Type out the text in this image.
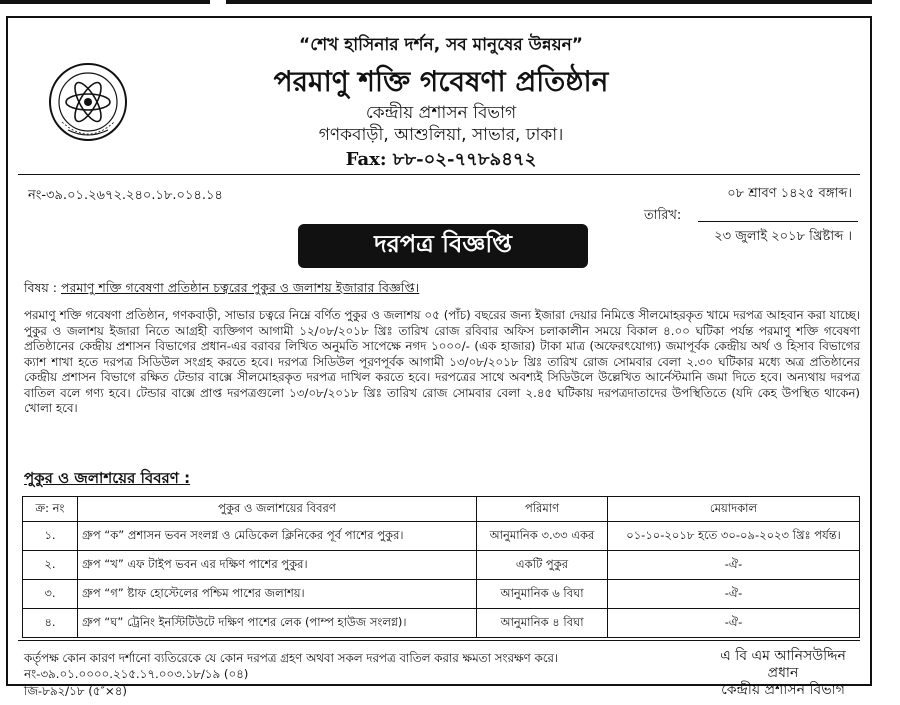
“শেখ হাসিনার দর্শন, সব মানুষের উন্নয়ন”
পরমাণু শক্তি গবেষণা প্রতিষ্ঠান
কেন্দ্রীয় প্রশাসন বিভাগ
গণকবাড়ী, আশুলিয়া, সাভার, ঢাকা।
Fax: ৮৮-০২-৭৭৮৯৪৭২
নং-৩৯.০১.২৬৭২.২৪০.১৮.০১৪.১৪	০৮ শ্রাবণ ১৪২৫ বঙ্গাব্দ।
তারিখ:
২৩ জুলাই ২০১৮ খ্রিষ্টাব্দ ।
দরপত্র বিজ্ঞপ্তি
বিষয় : পরমাণু শক্তি গবেষণা প্রতিষ্ঠান চত্বরের পুকুর ও জলাশয় ইজারার বিজ্ঞপ্তি।
পরমাণু শক্তি গবেষণা প্রতিষ্ঠান, গণকবাড়ী, সাভার চত্বরে নিম্নে বর্ণিত পুকুর ও জলাশয় ০৫ (পাঁচ) বছরের জন্য ইজারা দেয়ার নিমিত্তে সীলমোহরকৃত খামে দরপত্র আহবান করা যাচ্ছে। পুকুর ও জলাশয় ইজারা নিতে আগ্রহী ব্যক্তিগণ আগামী ১২/০৮/২০১৮ খ্রিঃ তারিখ রোজ রবিবার অফিস চলাকালীন সময়ে বিকাল ৪.০০ ঘটিকা পর্যন্ত পরমাণু শক্তি গবেষণা প্রতিষ্ঠানের কেন্দ্রীয় প্রশাসন বিভাগের প্রধান-এর বরাবর লিখিত অনুমতি সাপেক্ষে নগদ ১০০০/- (এক হাজার) টাকা মাত্র (অফেরৎযোগ্য) জমাপূর্বক কেন্দ্রীয় অর্থ ও হিসাব বিভাগের ক্যাশ শাখা হতে দরপত্র সিডিউল সংগ্রহ করতে হবে। দরপত্র সিডিউল পূরণপূর্বক আগামী ১৩/০৮/২০১৮ খ্রিঃ তারিখ রোজ সোমবার বেলা ২.৩০ ঘটিকার মধ্যে অত্র প্রতিষ্ঠানের কেন্দ্রীয় প্রশাসন বিভাগে রক্ষিত টেন্ডার বাক্সে সীলমোহরকৃত দরপত্র দাখিল করতে হবে। দরপত্রের সাথে অবশ্যই সিডিউলে উল্লেখিত আর্নেস্টমানি জমা দিতে হবে। অন্যথায় দরপত্র বাতিল বলে গণ্য হবে। টেন্ডার বাক্সে প্রাপ্ত দরপত্রগুলো ১৩/০৮/২০১৮ খ্রিঃ তারিখ রোজ সোমবার বেলা ২.৪৫ ঘটিকায় দরপত্রদাতাদের উপস্থিতিতে (যদি কেহ উপস্থিত থাকেন) খোলা হবে।
পুকুর ও জলাশয়ের বিবরণ :
ক্র: নং	পুকুর ও জলাশয়ের বিবরণ	পরিমাণ	মেয়াদকাল
১.	গ্রুপ “ক” প্রশাসন ভবন সংলগ্ন ও মেডিকেল ক্লিনিকের পূর্ব পাশের পুকুর।	আনুমানিক ৩.৩৩ একর	০১-১০-২০১৮ হতে ৩০-০৯-২০২৩ খ্রিঃ পর্যন্ত।
২.	গ্রুপ “খ” এফ টাইপ ভবন এর দক্ষিণ পাশের পুকুর।	একটি পুকুর	-ঐ-
৩.	গ্রুপ “গ” ষ্টাফ হোস্টেলের পশ্চিম পাশের জলাশয়।	আনুমানিক ৬ বিঘা	-ঐ-
৪.	গ্রুপ “ঘ” ট্রেনিং ইনস্টিটিউটে দক্ষিণ পাশের লেক (পাম্প হাউজ সংলগ্ন)।	আনুমানিক ৪ বিঘা	-ঐ-
কর্তৃপক্ষ কোন কারণ দর্শানো ব্যতিরেকে যে কোন দরপত্র গ্রহণ অথবা সকল দরপত্র বাতিল করার ক্ষমতা সংরক্ষণ করে।
নং-৩৯.০১.০০০০.২১৫.১৭.০০৩.১৮/১৯ (০৪)
জি-৮৯২/১৮ (৫″×৪)
এ বি এম আনিসউদ্দিন
প্রধান
কেন্দ্রীয় প্রশাসন বিভাগ
